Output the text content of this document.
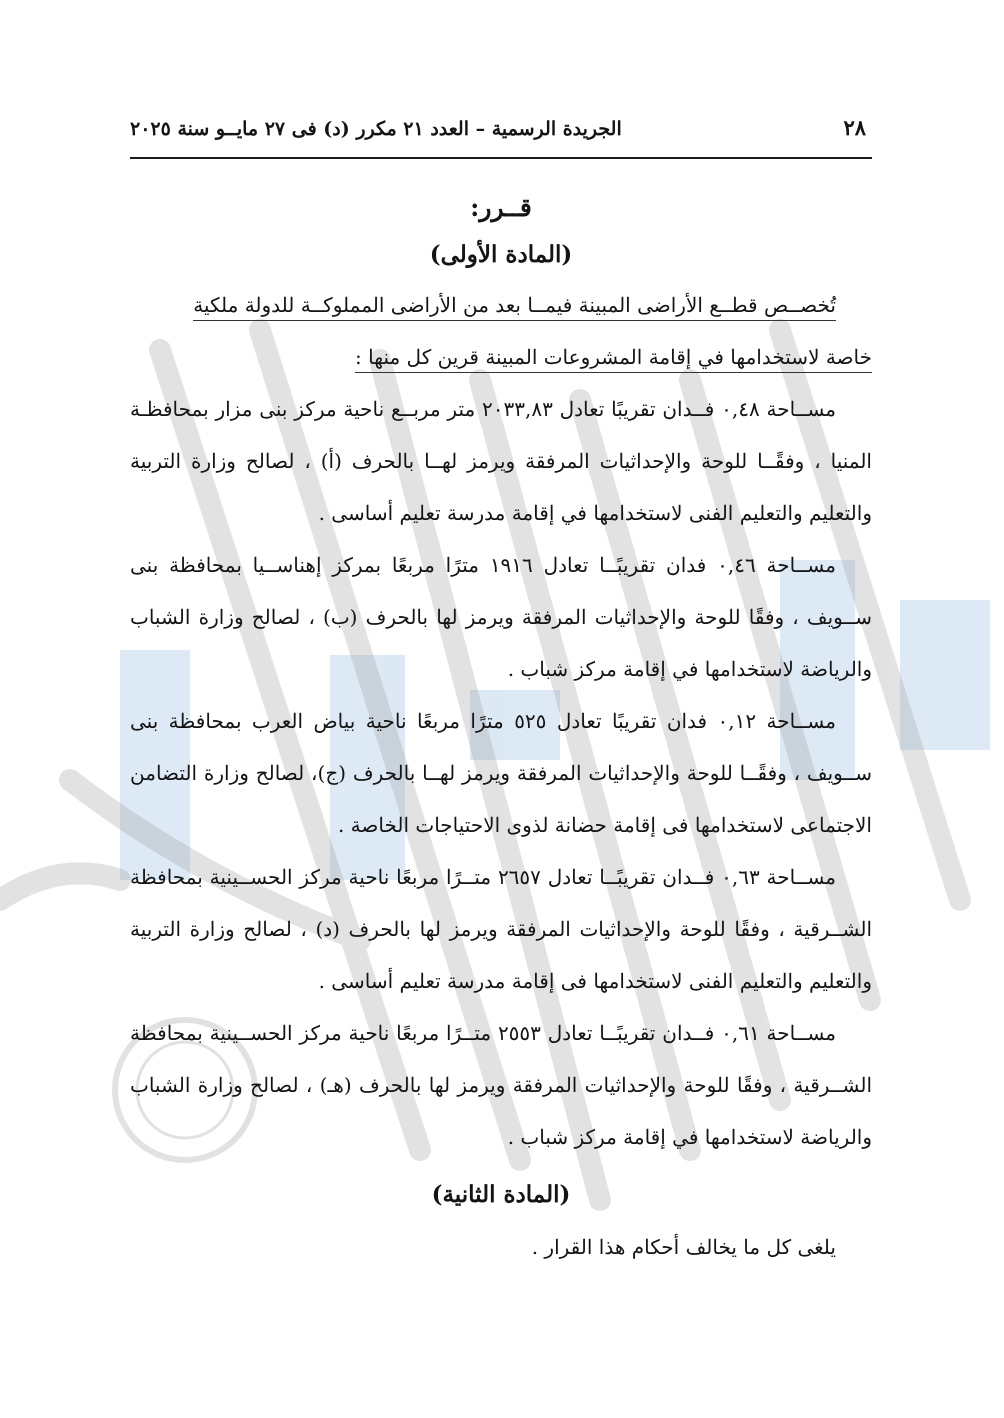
٢٨
الجريدة الرسمية – العدد ٢١ مكرر (د) فى ٢٧ مايــو سنة ٢٠٢٥
قــرر:
(المادة الأولى)

تُخصــص قطــع الأراضى المبينة فيمــا بعد من الأراضى المملوكــة للدولة ملكية

خاصة لاستخدامها في إقامة المشروعات المبينة قرين كل منها :

مســاحة ٠,٤٨ فــدان تقريبًا تعادل ٢٠٣٣,٨٣ متر مربــع ناحية مركز بنى مزار بمحافظـة المنيا ، وفقًــا للوحة والإحداثيات المرفقة ويرمز لهــا بالحرف (أ) ، لصالح وزارة التربية والتعليم والتعليم الفنى لاستخدامها في إقامة مدرسة تعليم أساسى .

مســاحة ٠,٤٦ فدان تقريبًــا تعادل ١٩١٦ مترًا مربعًا بمركز إهناســيا بمحافظة بنى ســويف ، وفقًا للوحة والإحداثيات المرفقة ويرمز لها بالحرف (ب) ، لصالح وزارة الشباب والرياضة لاستخدامها في إقامة مركز شباب .

مســاحة ٠,١٢ فدان تقريبًا تعادل ٥٢٥ مترًا مربعًا ناحية بياض العرب بمحافظة بنى ســويف ، وفقًــا للوحة والإحداثيات المرفقة ويرمز لهــا بالحرف (ج)، لصالح وزارة التضامن الاجتماعى لاستخدامها فى إقامة حضانة لذوى الاحتياجات الخاصة .

مســاحة ٠,٦٣ فــدان تقريبًــا تعادل ٢٦٥٧ متــرًا مربعًا ناحية مركز الحســينية بمحافظة الشــرقية ، وفقًا للوحة والإحداثيات المرفقة ويرمز لها بالحرف (د) ، لصالح وزارة التربية والتعليم والتعليم الفنى لاستخدامها فى إقامة مدرسة تعليم أساسى .

مســاحة ٠,٦١ فــدان تقريبًــا تعادل ٢٥٥٣ متــرًا مربعًا ناحية مركز الحســينية بمحافظة الشــرقية ، وفقًا للوحة والإحداثيات المرفقة ويرمز لها بالحرف (هـ) ، لصالح وزارة الشباب والرياضة لاستخدامها في إقامة مركز شباب .

(المادة الثانية)

يلغى كل ما يخالف أحكام هذا القرار .
